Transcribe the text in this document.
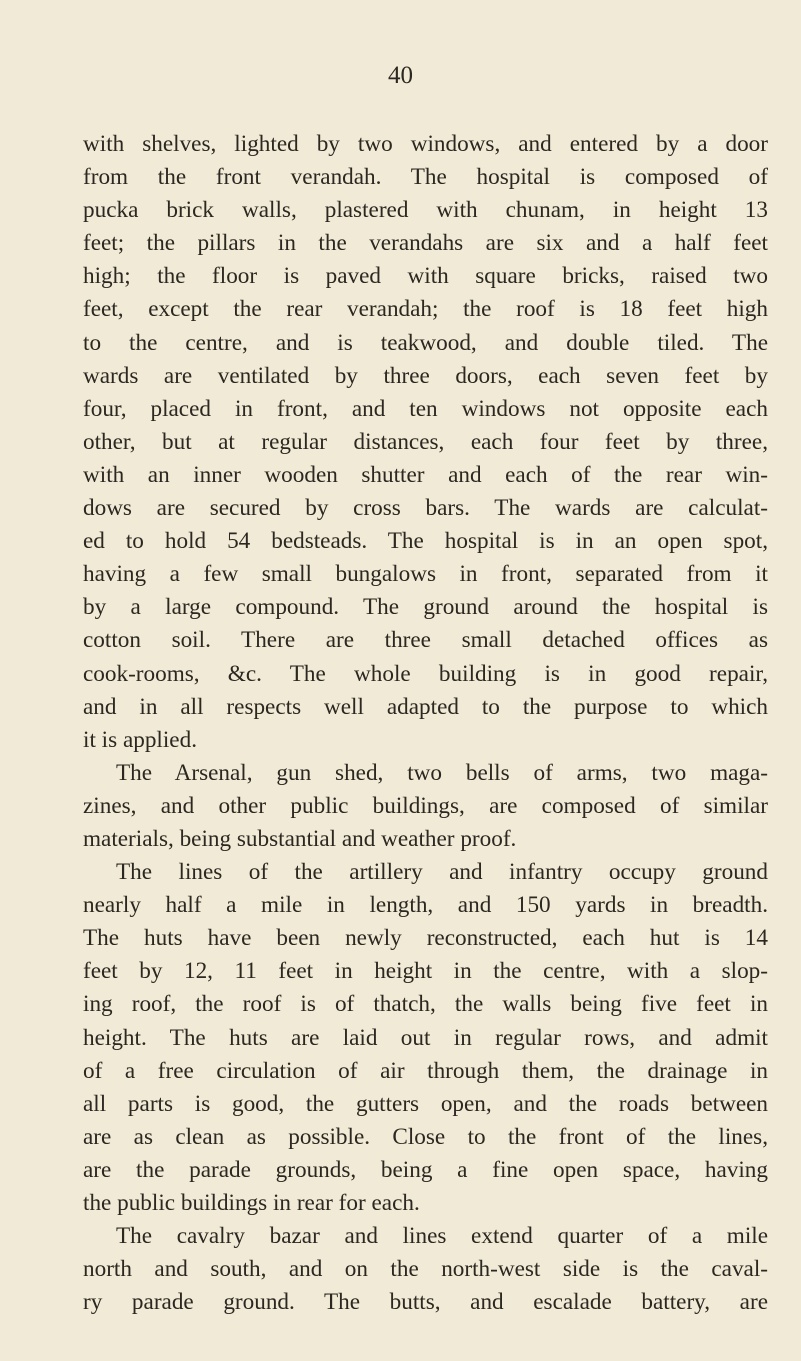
40
with shelves, lighted by two windows, and entered by a door
from the front verandah. The hospital is composed of
pucka brick walls, plastered with chunam, in height 13
feet; the pillars in the verandahs are six and a half feet
high; the floor is paved with square bricks, raised two
feet, except the rear verandah; the roof is 18 feet high
to the centre, and is teakwood, and double tiled. The
wards are ventilated by three doors, each seven feet by
four, placed in front, and ten windows not opposite each
other, but at regular distances, each four feet by three,
with an inner wooden shutter and each of the rear win-
dows are secured by cross bars. The wards are calculat-
ed to hold 54 bedsteads. The hospital is in an open spot,
having a few small bungalows in front, separated from it
by a large compound. The ground around the hospital is
cotton soil. There are three small detached offices as
cook-rooms, &c. The whole building is in good repair,
and in all respects well adapted to the purpose to which
it is applied.
The Arsenal, gun shed, two bells of arms, two maga-
zines, and other public buildings, are composed of similar
materials, being substantial and weather proof.
The lines of the artillery and infantry occupy ground
nearly half a mile in length, and 150 yards in breadth.
The huts have been newly reconstructed, each hut is 14
feet by 12, 11 feet in height in the centre, with a slop-
ing roof, the roof is of thatch, the walls being five feet in
height. The huts are laid out in regular rows, and admit
of a free circulation of air through them, the drainage in
all parts is good, the gutters open, and the roads between
are as clean as possible. Close to the front of the lines,
are the parade grounds, being a fine open space, having
the public buildings in rear for each.
The cavalry bazar and lines extend quarter of a mile
north and south, and on the north-west side is the caval-
ry parade ground. The butts, and escalade battery, are
